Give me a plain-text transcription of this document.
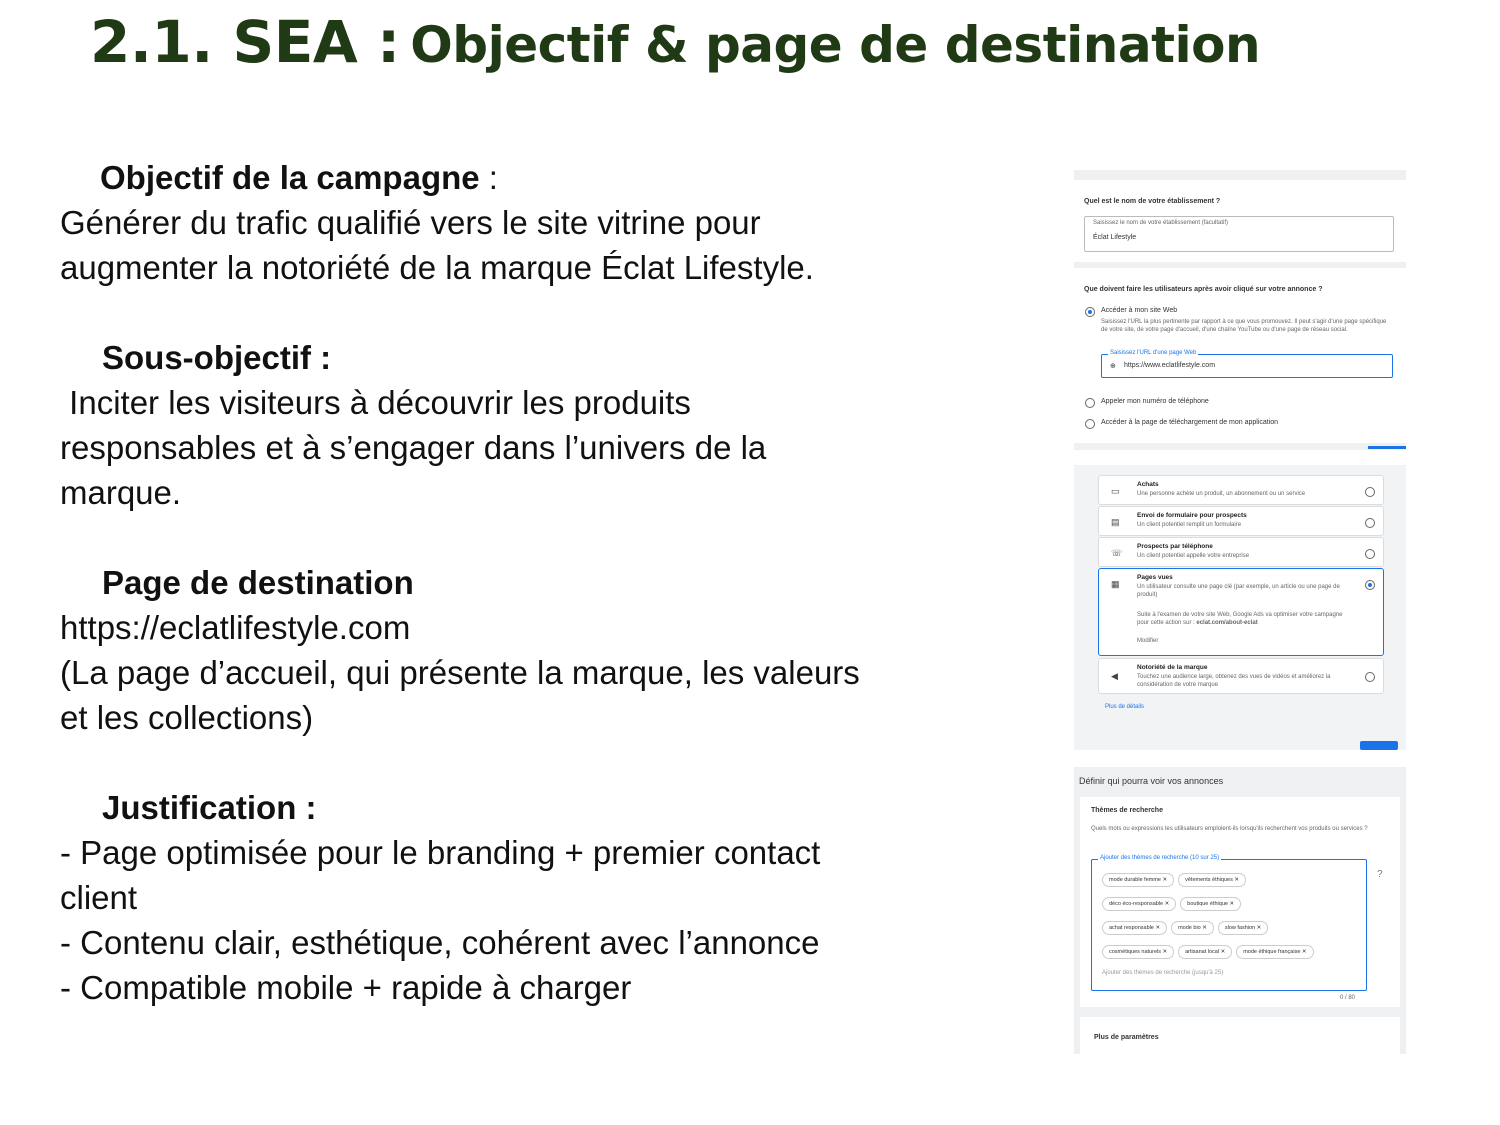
2.1. SEA : Objectif & page de destination

Objectif de la campagne :

Générer du trafic qualifié vers le site vitrine pour

augmenter la notoriété de la marque Éclat Lifestyle.

Sous-objectif :

Inciter les visiteurs à découvrir les produits

responsables et à s’engager dans l’univers de la

marque.

Page de destination

https://eclatlifestyle.com

(La page d’accueil, qui présente la marque, les valeurs

et les collections)

Justification :

- Page optimisée pour le branding + premier contact

client

- Contenu clair, esthétique, cohérent avec l’annonce

- Compatible mobile + rapide à charger

Quel est le nom de votre établissement ?
Saisissez le nom de votre établissement (facultatif)
Éclat Lifestyle
Que doivent faire les utilisateurs après avoir cliqué sur votre annonce ?
Accéder à mon site Web
Saisissez l'URL la plus pertinente par rapport à ce que vous promouvez. Il peut s'agir d'une page spécifique de votre site, de votre page d'accueil, d'une chaîne YouTube ou d'une page de réseau social.
Saisissez l'URL d'une page Web
⊕ https://www.eclatlifestyle.com
Appeler mon numéro de téléphone
Accéder à la page de téléchargement de mon application
▭
Achats
Une personne achète un produit, un abonnement ou un service
▤
Envoi de formulaire pour prospects
Un client potentiel remplit un formulaire
☏
Prospects par téléphone
Un client potentiel appelle votre entreprise
▦
Pages vues
Un utilisateur consulte une page clé (par exemple, un article ou une page de produit)
Suite à l'examen de votre site Web, Google Ads va optimiser votre campagne pour cette action sur : eclat.com/about-eclat
Modifier
◀
Notoriété de la marque
Touchez une audience large, obtenez des vues de vidéos et améliorez la considération de votre marque
Plus de détails
Définir qui pourra voir vos annonces
Thèmes de recherche
Quels mots ou expressions les utilisateurs emploient-ils lorsqu'ils recherchent vos produits ou services ?
Ajouter des thèmes de recherche (10 sur 25)
mode durable femme ✕	vêtements éthiques ✕
déco éco-responsable ✕	boutique éthique ✕
achat responsable ✕	mode bio ✕	slow fashion ✕
cosmétiques naturels ✕	artisanat local ✕	mode éthique française ✕
Ajouter des thèmes de recherche (jusqu'à 25)
?
0 / 80
Plus de paramètres
